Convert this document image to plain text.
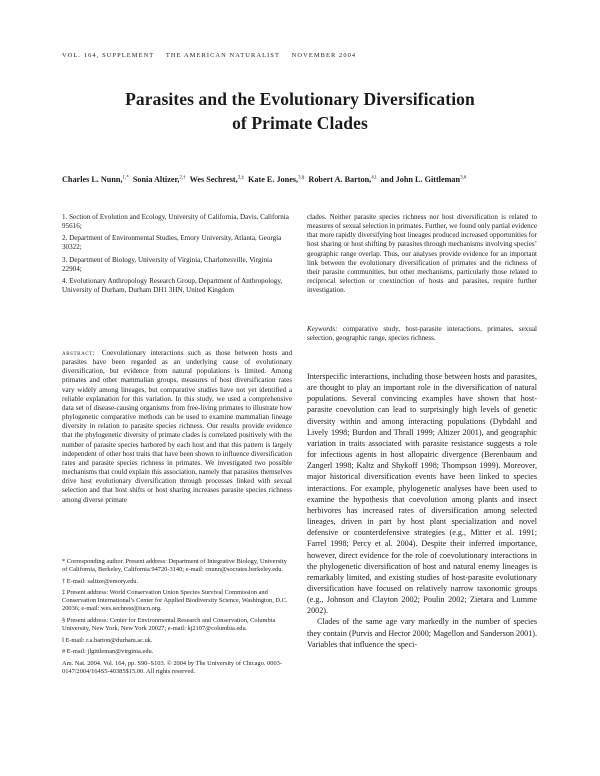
VOL. 164, SUPPLEMENT THE AMERICAN NATURALIST NOVEMBER 2004
Parasites and the Evolutionary Diversification
of Primate Clades
Charles L. Nunn,$^{1,*}$ Sonia Altizer,$^{2,\dagger}$ Wes Sechrest,$^{3,\ddagger}$ Kate E. Jones,$^{3,\S}$ Robert A. Barton,$^{4,‖}$ and John L. Gittleman$^{3,\#}$
1. Section of Evolution and Ecology, University of California, Davis, California 95616;
2. Department of Environmental Studies, Emory University, Atlanta, Georgia 30322;
3. Department of Biology, University of Virginia, Charlottesville, Virginia 22904;
4. Evolutionary Anthropology Research Group, Department of Anthropology, University of Durham, Durham DH1 3HN, United Kingdom
abstract: Coevolutionary interactions such as those between hosts and parasites have been regarded as an underlying cause of evolutionary diversification, but evidence from natural populations is limited. Among primates and other mammalian groups, measures of host diversification rates vary widely among lineages, but comparative studies have not yet identified a reliable explanation for this variation. In this study, we used a comprehensive data set of disease-causing organisms from free-living primates to illustrate how phylogenetic comparative methods can be used to examine mammalian lineage diversity in relation to parasite species richness. Our results provide evidence that the phylogenetic diversity of primate clades is correlated positively with the number of parasite species harbored by each host and that this pattern is largely independent of other host traits that have been shown to influence diversification rates and parasite species richness in primates. We investigated two possible mechanisms that could explain this association, namely that parasites themselves drive host evolutionary diversification through processes linked with sexual selection and that host shifts or host sharing increases parasite species richness among diverse primate
* Corresponding author. Present address: Department of Integrative Biology, University of California, Berkeley, California 94720-3140; e-mail: cnunn@socrates.berkeley.edu.
† E-mail: saltize@emory.edu.
‡ Present address: World Conservation Union Species Survival Commission and Conservation International’s Center for Applied Biodiversity Science, Washington, D.C. 20036; e-mail: wes.sechrest@iucn.org.
§ Present address: Center for Environmental Research and Conservation, Columbia University, New York, New York 20027; e-mail: kj2107@columbia.edu.
‖ E-mail: r.a.barton@durham.ac.uk.
# E-mail: jlgittleman@virginia.edu.
Am. Nat. 2004. Vol. 164, pp. S90–S103. © 2004 by The University of Chicago. 0003-0147/2004/164S5-40385$15.00. All rights reserved.
clades. Neither parasite species richness nor host diversification is related to measures of sexual selection in primates. Further, we found only partial evidence that more rapidly diversifying host lineages produced increased opportunities for host sharing or host shifting by parasites through mechanisms involving species’ geographic range overlap. Thus, our analyses provide evidence for an important link between the evolutionary diversification of primates and the richness of their parasite communities, but other mechanisms, particularly those related to reciprocal selection or coextinction of hosts and parasites, require further investigation.
Keywords: comparative study, host-parasite interactions, primates, sexual selection, geographic range, species richness.

Interspecific interactions, including those between hosts and parasites, are thought to play an important role in the diversification of natural populations. Several convincing examples have shown that host-parasite coevolution can lead to surprisingly high levels of genetic diversity within and among interacting populations (Dybdahl and Lively 1998; Burdon and Thrall 1999; Altizer 2001), and geographic variation in traits associated with parasite resistance suggests a role for infectious agents in host allopatric divergence (Berenbaum and Zangerl 1998; Kaltz and Shykoff 1998; Thompson 1999). Moreover, major historical diversification events have been linked to species interactions. For example, phylogenetic analyses have been used to examine the hypothesis that coevolution among plants and insect herbivores has increased rates of diversification among selected lineages, driven in part by host plant specialization and novel defensive or counterdefensive strategies (e.g., Mitter et al. 1991; Farrel 1998; Percy et al. 2004). Despite their inferred importance, however, direct evidence for the role of coevolutionary interactions in the phylogenetic diversification of host and natural enemy lineages is remarkably limited, and existing studies of host-parasite evolutionary diversification have focused on relatively narrow taxonomic groups (e.g., Johnson and Clayton 2002; Poulin 2002; Zietara and Lumme 2002).

Clades of the same age vary markedly in the number of species they contain (Purvis and Hector 2000; Magellon and Sanderson 2001). Variables that influence the speci-
